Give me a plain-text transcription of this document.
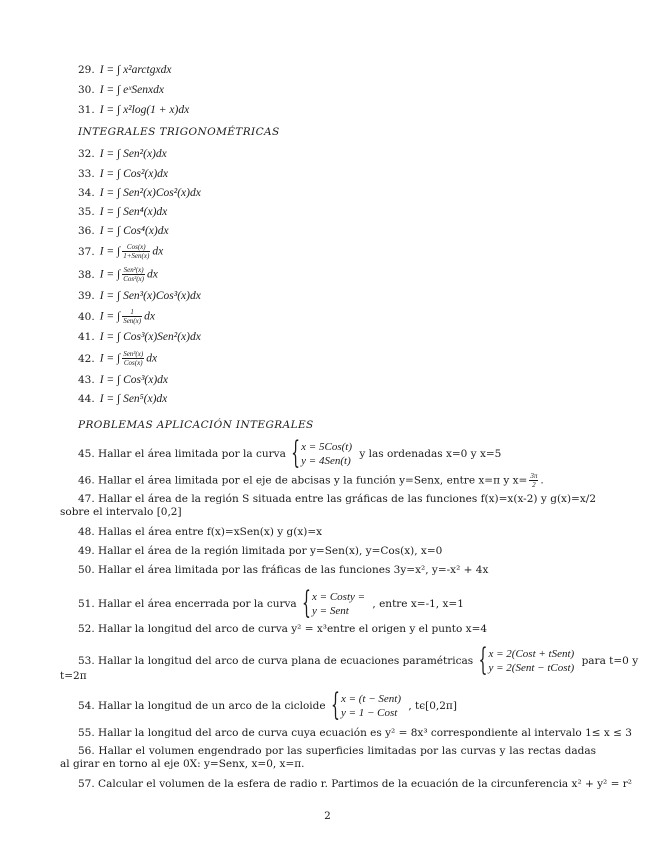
29. I = ∫ x²arctgxdx
30. I = ∫ eˣSenxdx
31. I = ∫ x²log(1 + x)dx
INTEGRALES TRIGONOMÉTRICAS
32. I = ∫ Sen²(x)dx
33. I = ∫ Cos²(x)dx
34. I = ∫ Sen²(x)Cos²(x)dx
35. I = ∫ Sen⁴(x)dx
36. I = ∫ Cos⁴(x)dx
37. I = ∫ $\frac{\text{Cos(x)}}{\text{1+Sen(x)}}$ dx
38. I = ∫ $\frac{\text{Sen²(x)}}{\text{Cos²(x)}}$ dx
39. I = ∫ Sen³(x)Cos³(x)dx
40. I = ∫ $\frac{1}{\text{Sen(x)}}$ dx
41. I = ∫ Cos³(x)Sen²(x)dx
42. I = ∫ $\frac{\text{Sen³(x)}}{\text{Cos(x)}}$ dx
43. I = ∫ Cos³(x)dx
44. I = ∫ Sen⁵(x)dx
PROBLEMAS APLICACIÓN INTEGRALES
45. Hallar el área limitada por la curva { x = 5Cos(t)
y = 4Sen(t)
y las ordenadas x=0 y x=5
46. Hallar el área limitada por el eje de abcisas y la función y=Senx, entre x=π y $x= \frac{3\pi}{2}$ .
47. Hallar el área de la región S situada entre las gráficas de las funciones f(x)=x(x-2) y g(x)=x/2 sobre el intervalo [0,2]
48. Hallas el área entre f(x)=xSen(x) y g(x)=x
49. Hallar el área de la región limitada por y=Sen(x), y=Cos(x), x=0
50. Hallar el área limitada por las fráficas de las funciones 3y=x², y=-x² + 4x
51. Hallar el área encerrada por la curva { x = Costy =
y = Sent
, entre x=-1, x=1
52. Hallar la longitud del arco de curva y² = x³entre el origen y el punto x=4
53. Hallar la longitud del arco de curva plana de ecuaciones paramétricas { x = 2(Cost + tSent)
y = 2(Sent − tCost)
para t=0 y
t=2π
54. Hallar la longitud de un arco de la cicloide { x = (t − Sent)
y = 1 − Cost
, tϵ[0,2π]
55. Hallar la longitud del arco de curva cuya ecuación es y² = 8x³ correspondiente al intervalo 1≤ x ≤ 3
56. Hallar el volumen engendrado por las superficies limitadas por las curvas y las rectas dadas al girar en torno al eje 0X: y=Senx, x=0, x=π.
57. Calcular el volumen de la esfera de radio r. Partimos de la ecuación de la circunferencia x² + y² = r²
2
